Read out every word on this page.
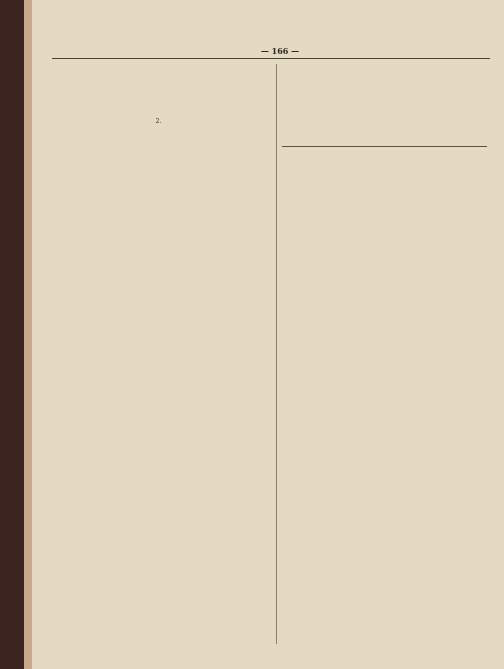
— 166 —

2.
